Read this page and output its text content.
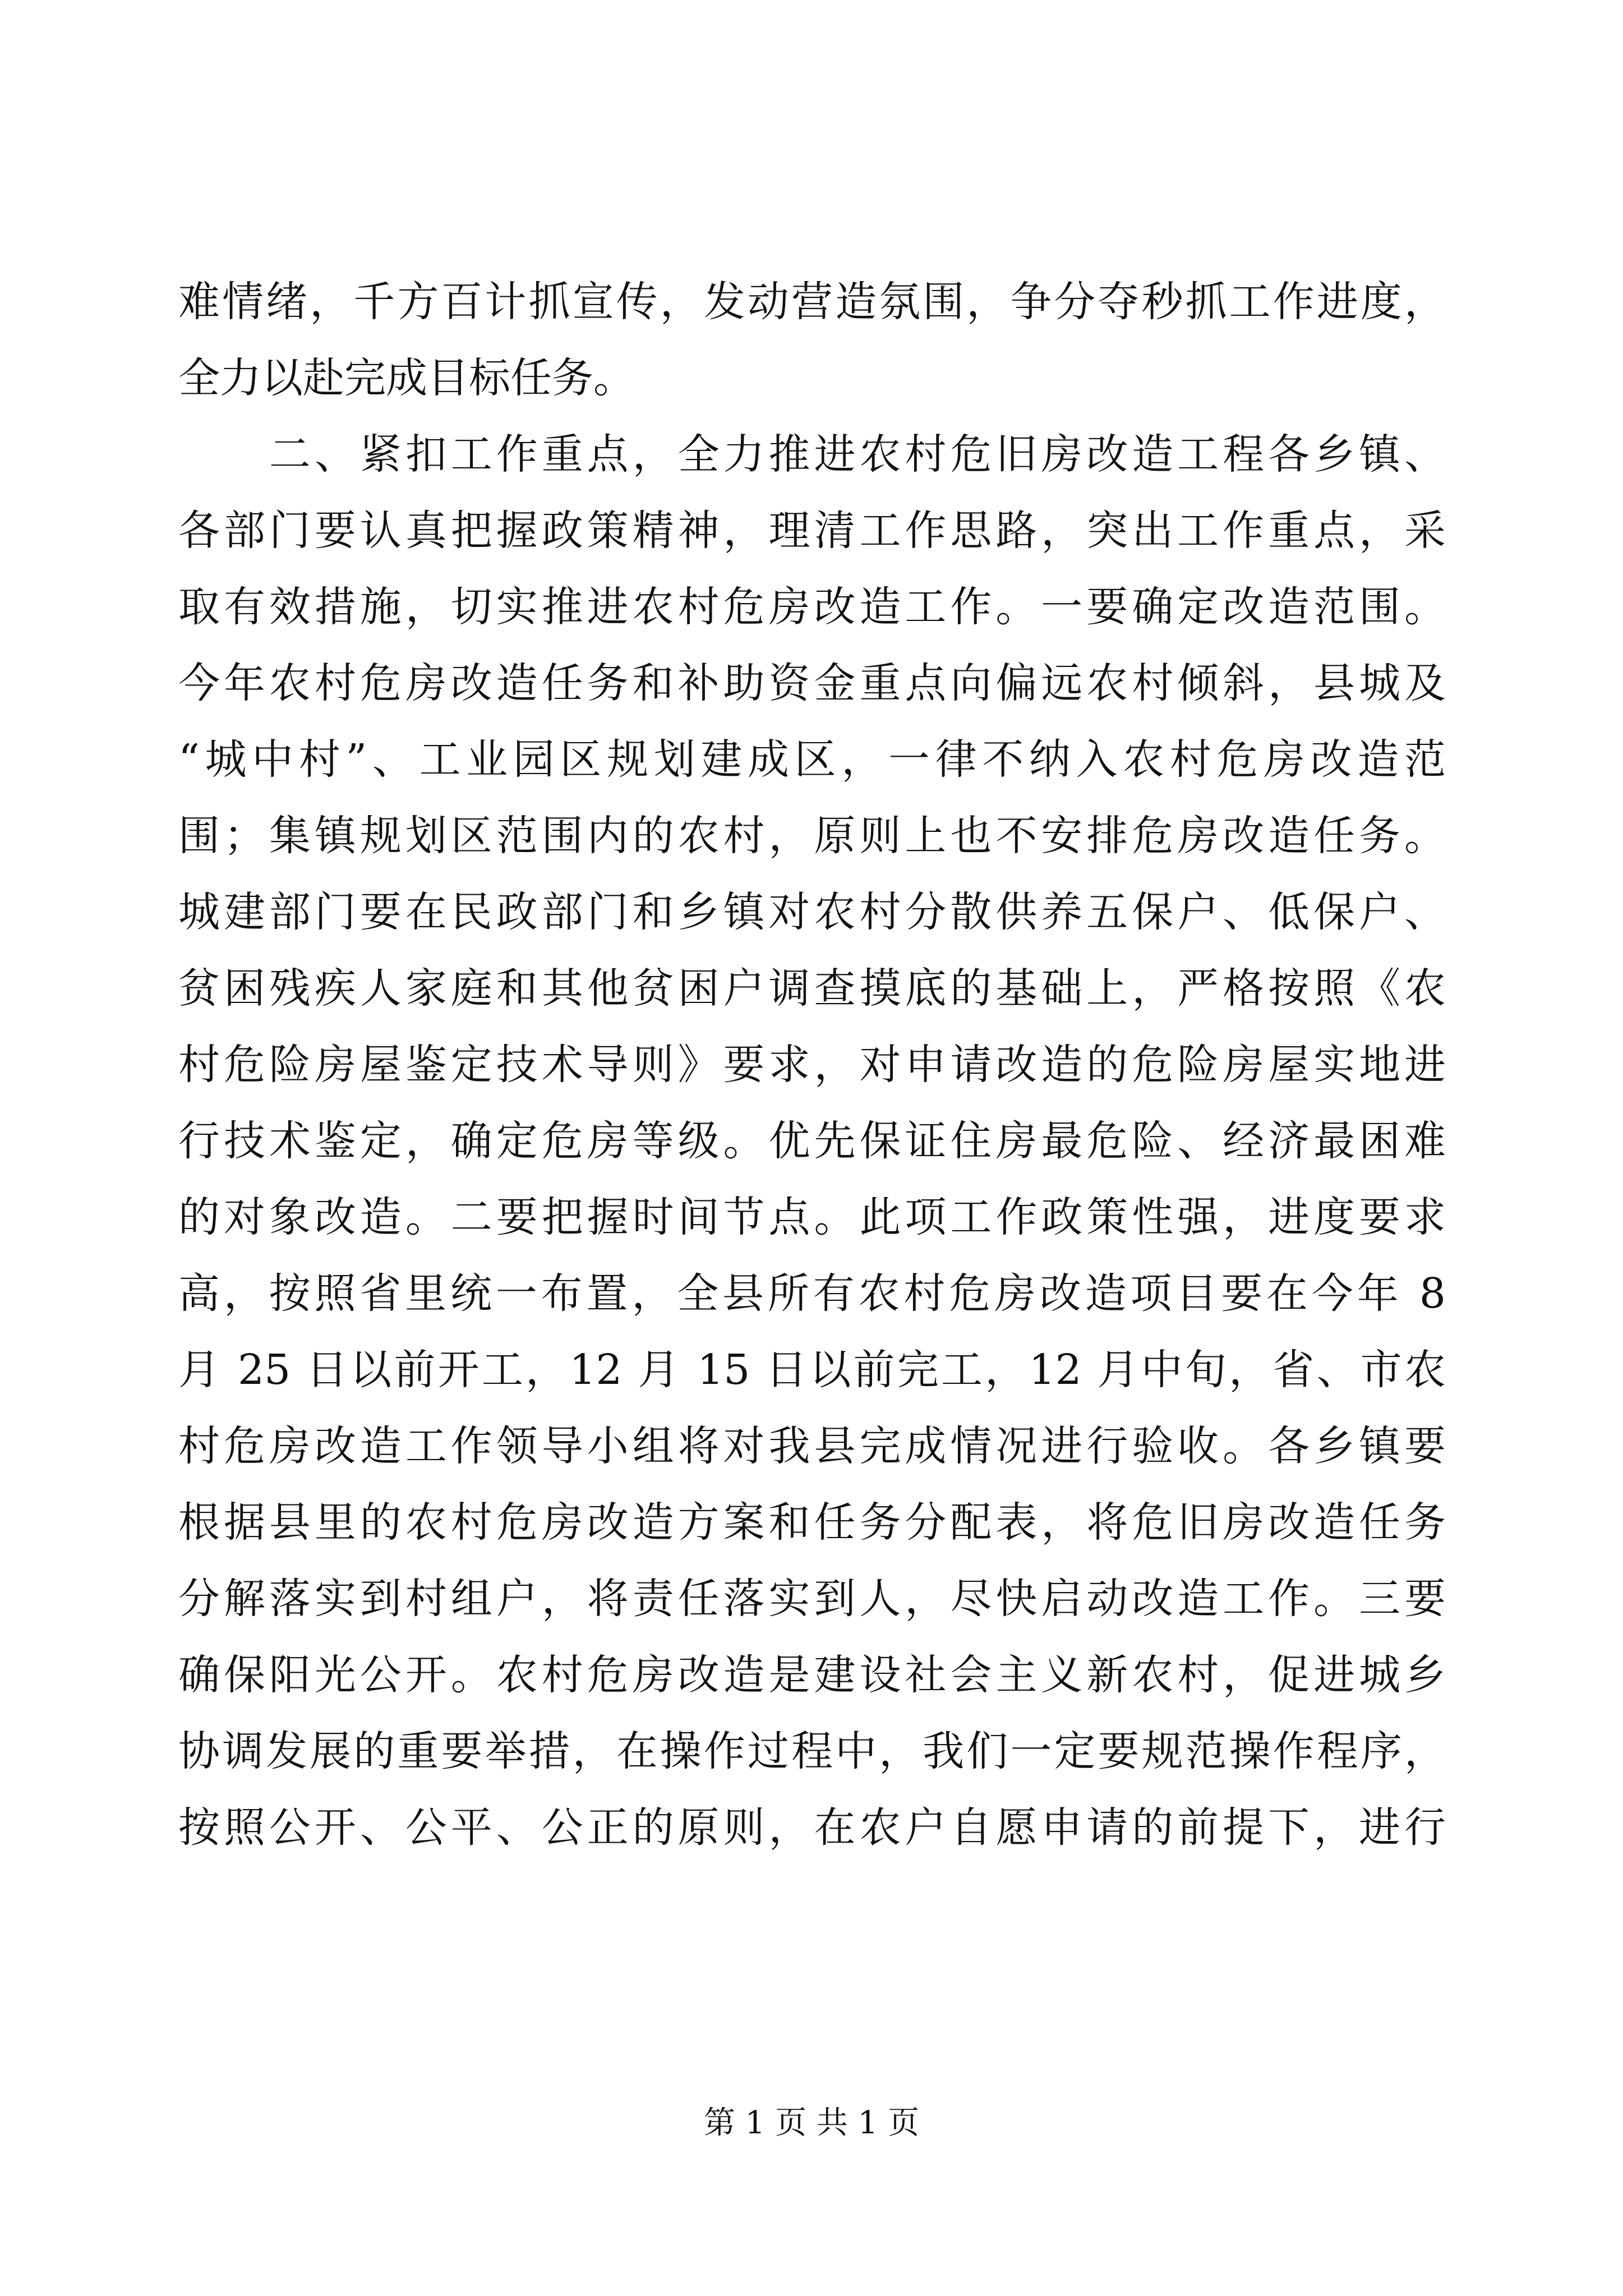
难情绪，千方百计抓宣传，发动营造氛围，争分夺秒抓工作进度，
全力以赴完成目标任务。
　　二、紧扣工作重点，全力推进农村危旧房改造工程各乡镇、
各部门要认真把握政策精神，理清工作思路，突出工作重点，采
取有效措施，切实推进农村危房改造工作。一要确定改造范围。
今年农村危房改造任务和补助资金重点向偏远农村倾斜，县城及
“城中村”、工业园区规划建成区，一律不纳入农村危房改造范
围；集镇规划区范围内的农村，原则上也不安排危房改造任务。
城建部门要在民政部门和乡镇对农村分散供养五保户、低保户、
贫困残疾人家庭和其他贫困户调查摸底的基础上，严格按照《农
村危险房屋鉴定技术导则》要求，对申请改造的危险房屋实地进
行技术鉴定，确定危房等级。优先保证住房最危险、经济最困难
的对象改造。二要把握时间节点。此项工作政策性强，进度要求
高，按照省里统一布置，全县所有农村危房改造项目要在今年 8
月 25 日以前开工，12 月 15 日以前完工，12 月中旬，省、市农
村危房改造工作领导小组将对我县完成情况进行验收。各乡镇要
根据县里的农村危房改造方案和任务分配表，将危旧房改造任务
分解落实到村组户，将责任落实到人，尽快启动改造工作。三要
确保阳光公开。农村危房改造是建设社会主义新农村，促进城乡
协调发展的重要举措，在操作过程中，我们一定要规范操作程序，
按照公开、公平、公正的原则，在农户自愿申请的前提下，进行
第 1 页 共 1 页
